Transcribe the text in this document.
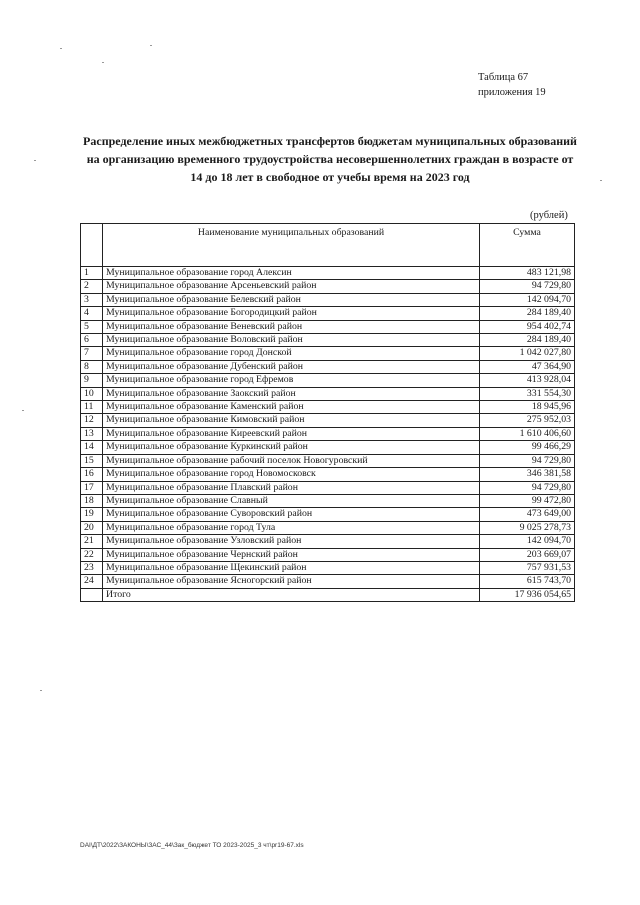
Таблица 67
приложения 19
Распределение иных межбюджетных трансфертов бюджетам муниципальных образований на организацию временного трудоустройства несовершеннолетних граждан в возрасте от 14 до 18 лет в свободное от учебы время на 2023 год
(рублей)
	Наименование муниципальных образований	Сумма
1	Муниципальное образование город Алексин	483 121,98
2	Муниципальное образование Арсеньевский район	94 729,80
3	Муниципальное образование Белевский район	142 094,70
4	Муниципальное образование Богородицкий район	284 189,40
5	Муниципальное образование Веневский район	954 402,74
6	Муниципальное образование Воловский район	284 189,40
7	Муниципальное образование город Донской	1 042 027,80
8	Муниципальное образование Дубенский район	47 364,90
9	Муниципальное образование город Ефремов	413 928,04
10	Муниципальное образование Заокский район	331 554,30
11	Муниципальное образование Каменский район	18 945,96
12	Муниципальное образование Кимовский район	275 952,03
13	Муниципальное образование Киреевский район	1 610 406,60
14	Муниципальное образование Куркинский район	99 466,29
15	Муниципальное образование рабочий поселок Новогуровский	94 729,80
16	Муниципальное образование город Новомосковск	346 381,58
17	Муниципальное образование Плавский район	94 729,80
18	Муниципальное образование Славный	99 472,80
19	Муниципальное образование Суворовский район	473 649,00
20	Муниципальное образование город Тула	9 025 278,73
21	Муниципальное образование Узловский район	142 094,70
22	Муниципальное образование Чернский район	203 669,07
23	Муниципальное образование Щекинский район	757 931,53
24	Муниципальное образование Ясногорский район	615 743,70
	Итого	17 936 054,65
DAI\ДТ\2022\ЗАКОНЫ\ЗАС_44\Зак_бюджет ТО 2023-2025_3 чт\pr19-67.xls
